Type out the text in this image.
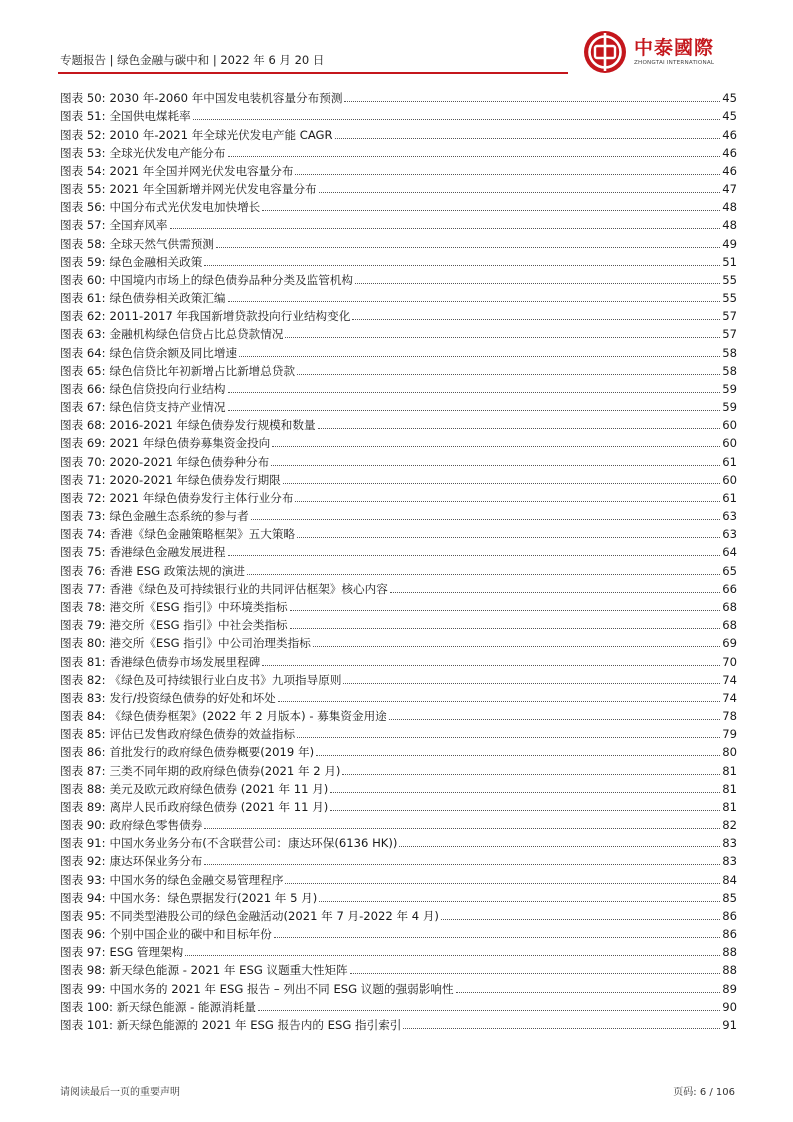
专题报告 | 绿色金融与碳中和 | 2022 年 6 月 20 日
中泰國際
ZHONGTAI INTERNATIONAL
图表 50: 2030 年-2060 年中国发电装机容量分布预测	45
图表 51: 全国供电煤耗率	45
图表 52: 2010 年-2021 年全球光伏发电产能 CAGR	46
图表 53: 全球光伏发电产能分布	46
图表 54: 2021 年全国并网光伏发电容量分布	46
图表 55: 2021 年全国新增并网光伏发电容量分布	47
图表 56: 中国分布式光伏发电加快增长	48
图表 57: 全国弃风率	48
图表 58: 全球天然气供需预测	49
图表 59: 绿色金融相关政策	51
图表 60: 中国境内市场上的绿色债券品种分类及监管机构	55
图表 61: 绿色债券相关政策汇编	55
图表 62: 2011-2017 年我国新增贷款投向行业结构变化	57
图表 63: 金融机构绿色信贷占比总贷款情况	57
图表 64: 绿色信贷余额及同比增速	58
图表 65: 绿色信贷比年初新增占比新增总贷款	58
图表 66: 绿色信贷投向行业结构	59
图表 67: 绿色信贷支持产业情况	59
图表 68: 2016-2021 年绿色债券发行规模和数量	60
图表 69: 2021 年绿色债券募集资金投向	60
图表 70: 2020-2021 年绿色债券种分布	61
图表 71: 2020-2021 年绿色债券发行期限	60
图表 72: 2021 年绿色债券发行主体行业分布	61
图表 73: 绿色金融生态系统的参与者	63
图表 74: 香港《绿色金融策略框架》五大策略	63
图表 75: 香港绿色金融发展进程	64
图表 76: 香港 ESG 政策法规的演进	65
图表 77: 香港《绿色及可持续银行业的共同评估框架》核心内容	66
图表 78: 港交所《ESG 指引》中环境类指标	68
图表 79: 港交所《ESG 指引》中社会类指标	68
图表 80: 港交所《ESG 指引》中公司治理类指标	69
图表 81: 香港绿色债券市场发展里程碑	70
图表 82: 《绿色及可持续银行业白皮书》九项指导原则	74
图表 83: 发行/投资绿色债券的好处和坏处	74
图表 84: 《绿色债券框架》(2022 年 2 月版本) - 募集资金用途	78
图表 85: 评估已发售政府绿色债券的效益指标	79
图表 86: 首批发行的政府绿色债券概要(2019 年)	80
图表 87: 三类不同年期的政府绿色债券(2021 年 2 月)	81
图表 88: 美元及欧元政府绿色债券 (2021 年 11 月)	81
图表 89: 离岸人民币政府绿色债券 (2021 年 11 月)	81
图表 90: 政府绿色零售债券	82
图表 91: 中国水务业务分布(不含联营公司：康达环保(6136 HK))	83
图表 92: 康达环保业务分布	83
图表 93: 中国水务的绿色金融交易管理程序	84
图表 94: 中国水务：绿色票据发行(2021 年 5 月)	85
图表 95: 不同类型港股公司的绿色金融活动(2021 年 7 月-2022 年 4 月)	86
图表 96: 个别中国企业的碳中和目标年份	86
图表 97: ESG 管理架构	88
图表 98: 新天绿色能源 - 2021 年 ESG 议题重大性矩阵	88
图表 99: 中国水务的 2021 年 ESG 报告 – 列出不同 ESG 议题的强弱影响性	89
图表 100: 新天绿色能源 - 能源消耗量	90
图表 101: 新天绿色能源的 2021 年 ESG 报告内的 ESG 指引索引	91
请阅读最后一页的重要声明	页码: 6 / 106
